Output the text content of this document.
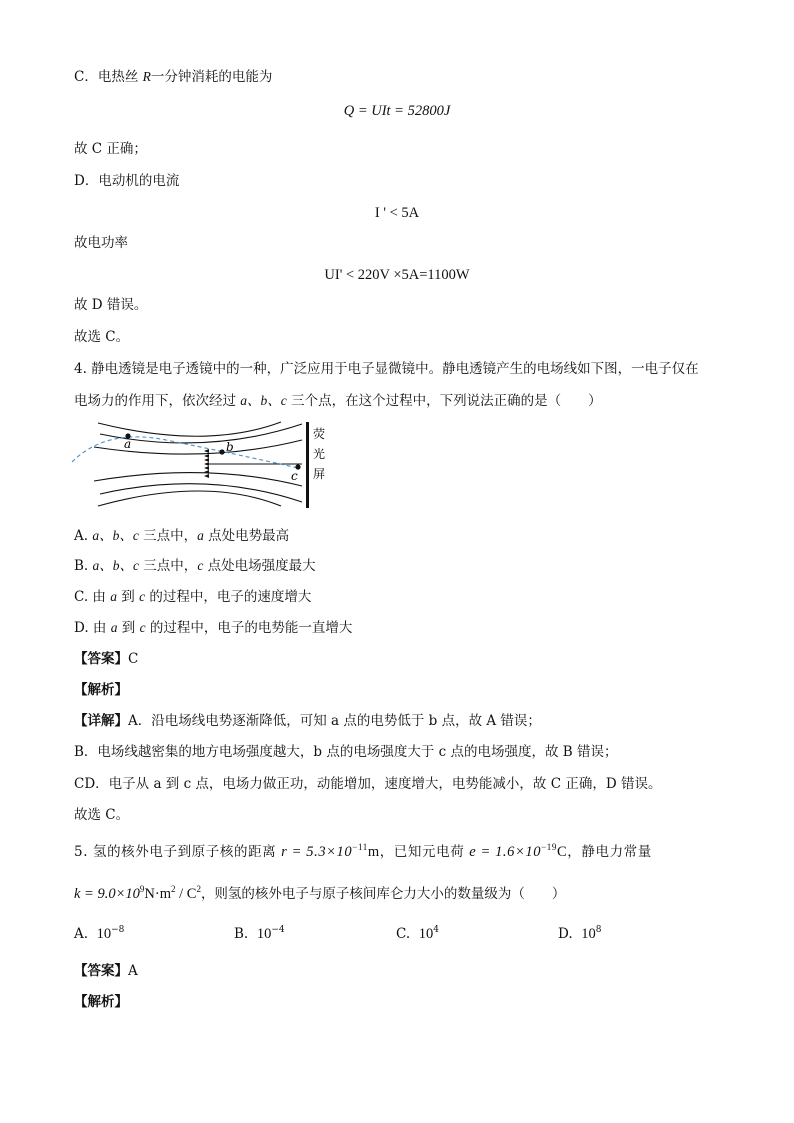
C．电热丝 R一分钟消耗的电能为
Q = UIt = 52800J
故 C 正确；
D．电动机的电流
I ' < 5A
故电功率
UI' < 220V ×5A=1100W
故 D 错误。
故选 C。
4. 静电透镜是电子透镜中的一种，广泛应用于电子显微镜中。静电透镜产生的电场线如下图，一电子仅在
电场力的作用下，依次经过 a、b、c 三个点，在这个过程中，下列说法正确的是（　　）
a	b
c
荧
光
屏
A. a、b、c 三点中，a 点处电势最高
B. a、b、c 三点中，c 点处电场强度最大
C. 由 a 到 c 的过程中，电子的速度增大
D. 由 a 到 c 的过程中，电子的电势能一直增大
【答案】C
【解析】
【详解】A．沿电场线电势逐渐降低，可知 a 点的电势低于 b 点，故 A 错误；
B．电场线越密集的地方电场强度越大，b 点的电场强度大于 c 点的电场强度，故 B 错误；
CD．电子从 a 到 c 点，电场力做正功，动能增加，速度增大，电势能减小，故 C 正确，D 错误。
故选 C。
5. 氢的核外电子到原子核的距离 $r = 5.3\times 10^{-11}m$，已知元电荷 $e = 1.6\times 10^{-19}C$，静电力常量
$k = 9.0\times 10^9N\cdot m^2 / C^2$，则氢的核外电子与原子核间库仑力大小的数量级为（　　）
A. $10^{-8}$	B. $10^{-4}$	C. $10^4$	D. $10^8$
【答案】A
【解析】
